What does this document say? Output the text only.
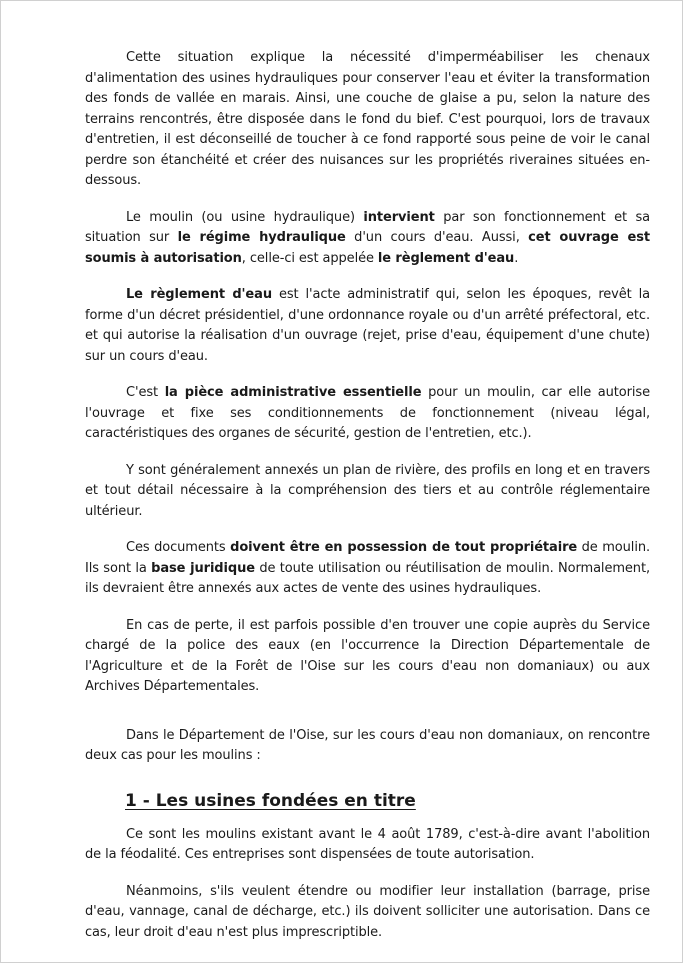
Cette situation explique la nécessité d'imperméabiliser les chenaux d'alimentation des usines hydrauliques pour conserver l'eau et éviter la transformation des fonds de vallée en marais. Ainsi, une couche de glaise a pu, selon la nature des terrains rencontrés, être disposée dans le fond du bief. C'est pourquoi, lors de travaux d'entretien, il est déconseillé de toucher à ce fond rapporté sous peine de voir le canal perdre son étanchéité et créer des nuisances sur les propriétés riveraines situées en-dessous.

Le moulin (ou usine hydraulique) intervient par son fonctionnement et sa situation sur le régime hydraulique d'un cours d'eau. Aussi, cet ouvrage est soumis à autorisation, celle-ci est appelée le règlement d'eau.

Le règlement d'eau est l'acte administratif qui, selon les époques, revêt la forme d'un décret présidentiel, d'une ordonnance royale ou d'un arrêté préfectoral, etc. et qui autorise la réalisation d'un ouvrage (rejet, prise d'eau, équipement d'une chute) sur un cours d'eau.

C'est la pièce administrative essentielle pour un moulin, car elle autorise l'ouvrage et fixe ses conditionnements de fonctionnement (niveau légal, caractéristiques des organes de sécurité, gestion de l'entretien, etc.).

Y sont généralement annexés un plan de rivière, des profils en long et en travers et tout détail nécessaire à la compréhension des tiers et au contrôle réglementaire ultérieur.

Ces documents doivent être en possession de tout propriétaire de moulin. Ils sont la base juridique de toute utilisation ou réutilisation de moulin. Normalement, ils devraient être annexés aux actes de vente des usines hydrauliques.

En cas de perte, il est parfois possible d'en trouver une copie auprès du Service chargé de la police des eaux (en l'occurrence la Direction Départementale de l'Agriculture et de la Forêt de l'Oise sur les cours d'eau non domaniaux) ou aux Archives Départementales.

Dans le Département de l'Oise, sur les cours d'eau non domaniaux, on rencontre deux cas pour les moulins :

1 - Les usines fondées en titre

Ce sont les moulins existant avant le 4 août 1789, c'est-à-dire avant l'abolition de la féodalité. Ces entreprises sont dispensées de toute autorisation.

Néanmoins, s'ils veulent étendre ou modifier leur installation (barrage, prise d'eau, vannage, canal de décharge, etc.) ils doivent solliciter une autorisation. Dans ce cas, leur droit d'eau n'est plus imprescriptible.
